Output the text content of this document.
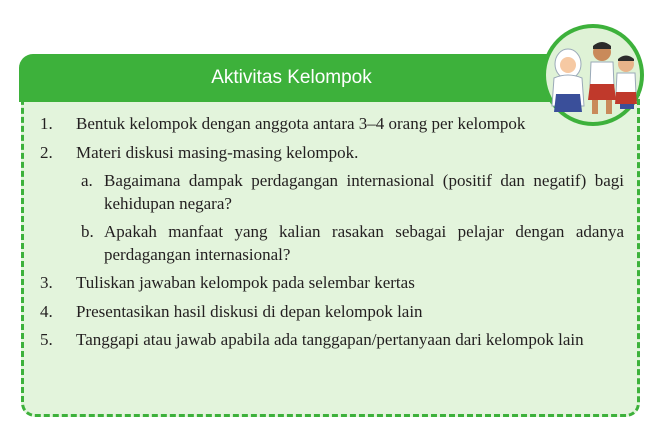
Aktivitas Kelompok
1.	Bentuk kelompok dengan anggota antara 3–4 orang per kelompok
2.	Materi diskusi masing-masing kelompok.
a. Bagaimana dampak perdagangan internasional (positif dan negatif) bagi kehidupan negara?
b. Apakah manfaat yang kalian rasakan sebagai pelajar dengan adanya perdagangan internasional?
3.	Tuliskan jawaban kelompok pada selembar kertas
4.	Presentasikan hasil diskusi di depan kelompok lain
5.	Tanggapi atau jawab apabila ada tanggapan/pertanyaan dari kelompok lain
